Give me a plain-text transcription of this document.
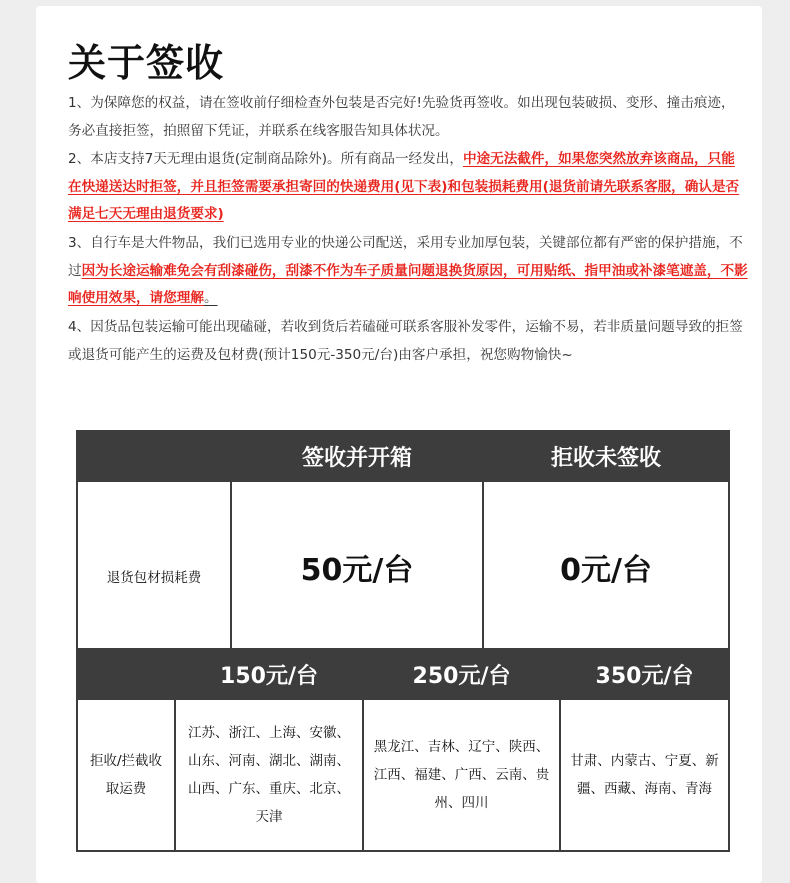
关于签收
1、为保障您的权益，请在签收前仔细检查外包装是否完好!先验货再签收。如出现包装破损、变形、撞击痕迹，务必直接拒签，拍照留下凭证，并联系在线客服告知具体状况。
2、本店支持7天无理由退货(定制商品除外)。所有商品一经发出，中途无法截件，如果您突然放弃该商品，只能在快递送达时拒签，并且拒签需要承担寄回的快递费用(见下表)和包装损耗费用(退货前请先联系客服，确认是否满足七天无理由退货要求)
3、自行车是大件物品，我们已选用专业的快递公司配送，采用专业加厚包装，关键部位都有严密的保护措施，不过因为长途运输难免会有刮漆碰伤，刮漆不作为车子质量问题退换货原因，可用贴纸、指甲油或补漆笔遮盖，不影响使用效果，请您理解。
4、因货品包装运输可能出现磕碰，若收到货后若磕碰可联系客服补发零件，运输不易，若非质量问题导致的拒签或退货可能产生的运费及包材费(预计150元-350元/台)由客户承担，祝您购物愉快~
	签收并开箱	拒收未签收
退货包材损耗费	50元/台	0元/台
	150元/台	250元/台	350元/台
拒收/拦截收取运费	江苏、浙江、上海、安徽、山东、河南、湖北、湖南、山西、广东、重庆、北京、天津	黑龙江、吉林、辽宁、陕西、江西、福建、广西、云南、贵州、四川	甘肃、内蒙古、宁夏、新疆、西藏、海南、青海
